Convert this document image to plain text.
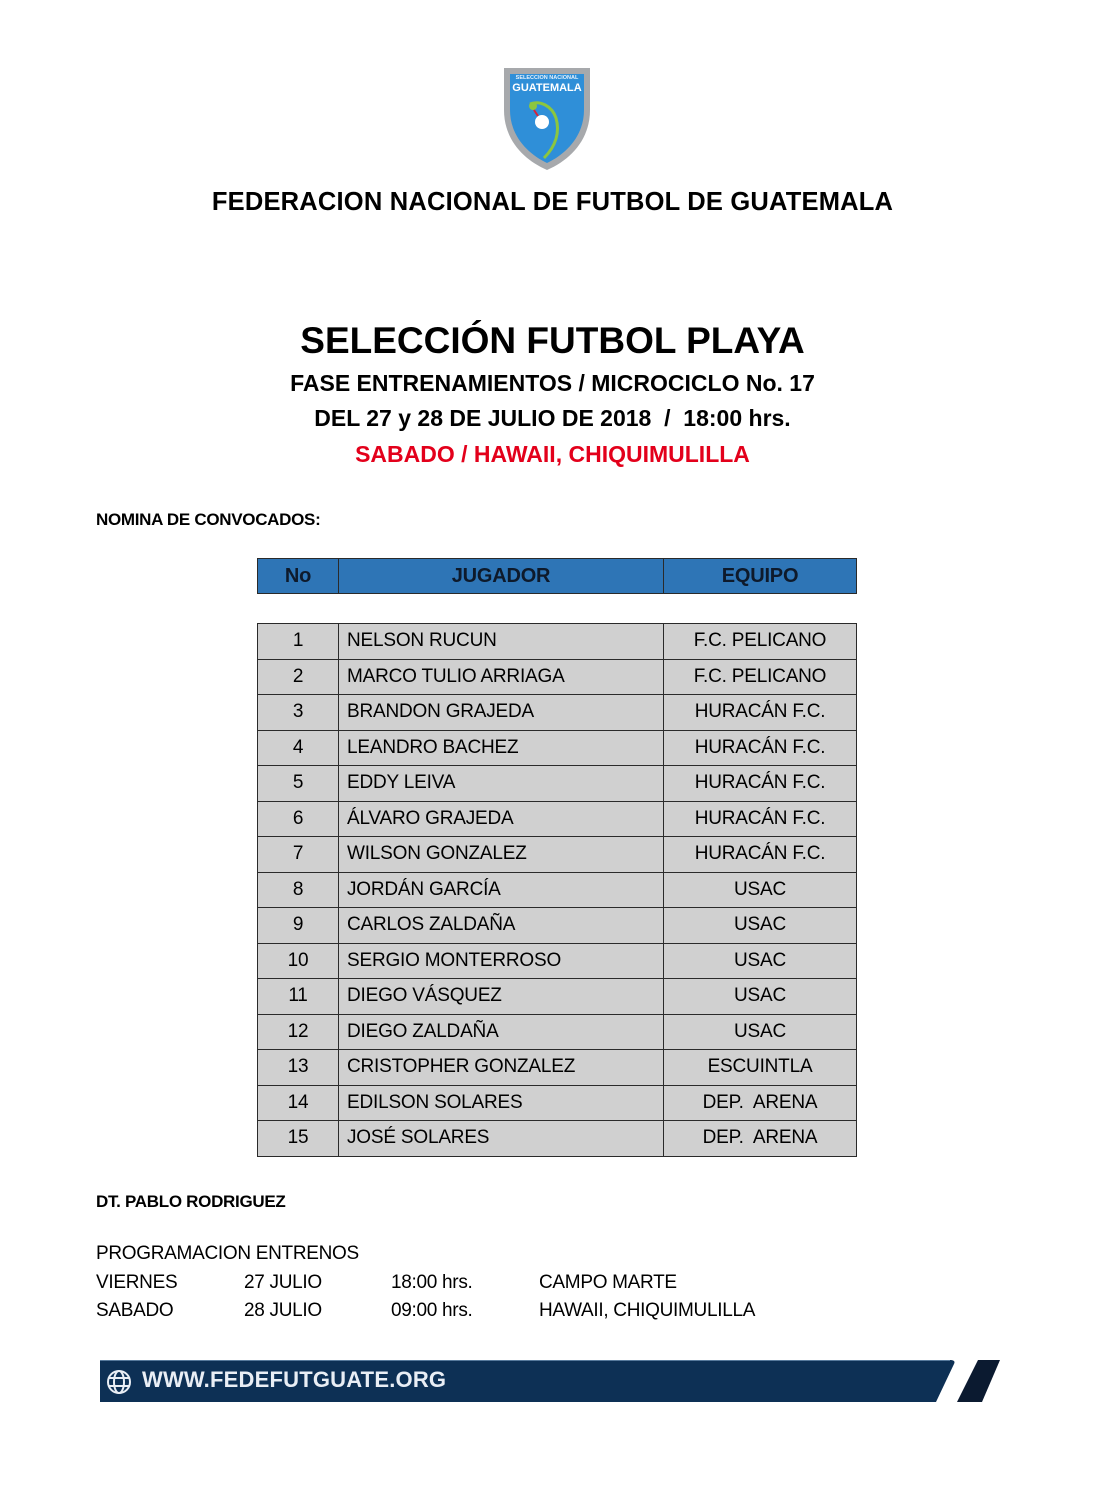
SELECCION NACIONAL
GUATEMALA
FEDERACION NACIONAL DE FUTBOL DE GUATEMALA
SELECCIÓN FUTBOL PLAYA
FASE ENTRENAMIENTOS / MICROCICLO No. 17
DEL 27 y 28 DE JULIO DE 2018  /  18:00 hrs.
SABADO / HAWAII, CHIQUIMULILLA
NOMINA DE CONVOCADOS:
No	JUGADOR	EQUIPO
1	NELSON RUCUN	F.C. PELICANO
2	MARCO TULIO ARRIAGA	F.C. PELICANO
3	BRANDON GRAJEDA	HURACÁN F.C.
4	LEANDRO BACHEZ	HURACÁN F.C.
5	EDDY LEIVA	HURACÁN F.C.
6	ÁLVARO GRAJEDA	HURACÁN F.C.
7	WILSON GONZALEZ	HURACÁN F.C.
8	JORDÁN GARCÍA	USAC
9	CARLOS ZALDAÑA	USAC
10	SERGIO MONTERROSO	USAC
11	DIEGO VÁSQUEZ	USAC
12	DIEGO ZALDAÑA	USAC
13	CRISTOPHER GONZALEZ	ESCUINTLA
14	EDILSON SOLARES	DEP.  ARENA
15	JOSÉ SOLARES	DEP.  ARENA
DT. PABLO RODRIGUEZ
PROGRAMACION ENTRENOS
VIERNES	27 JULIO	18:00 hrs.	CAMPO MARTE
SABADO	28 JULIO	09:00 hrs.	HAWAII, CHIQUIMULILLA
WWW.FEDEFUTGUATE.ORG
